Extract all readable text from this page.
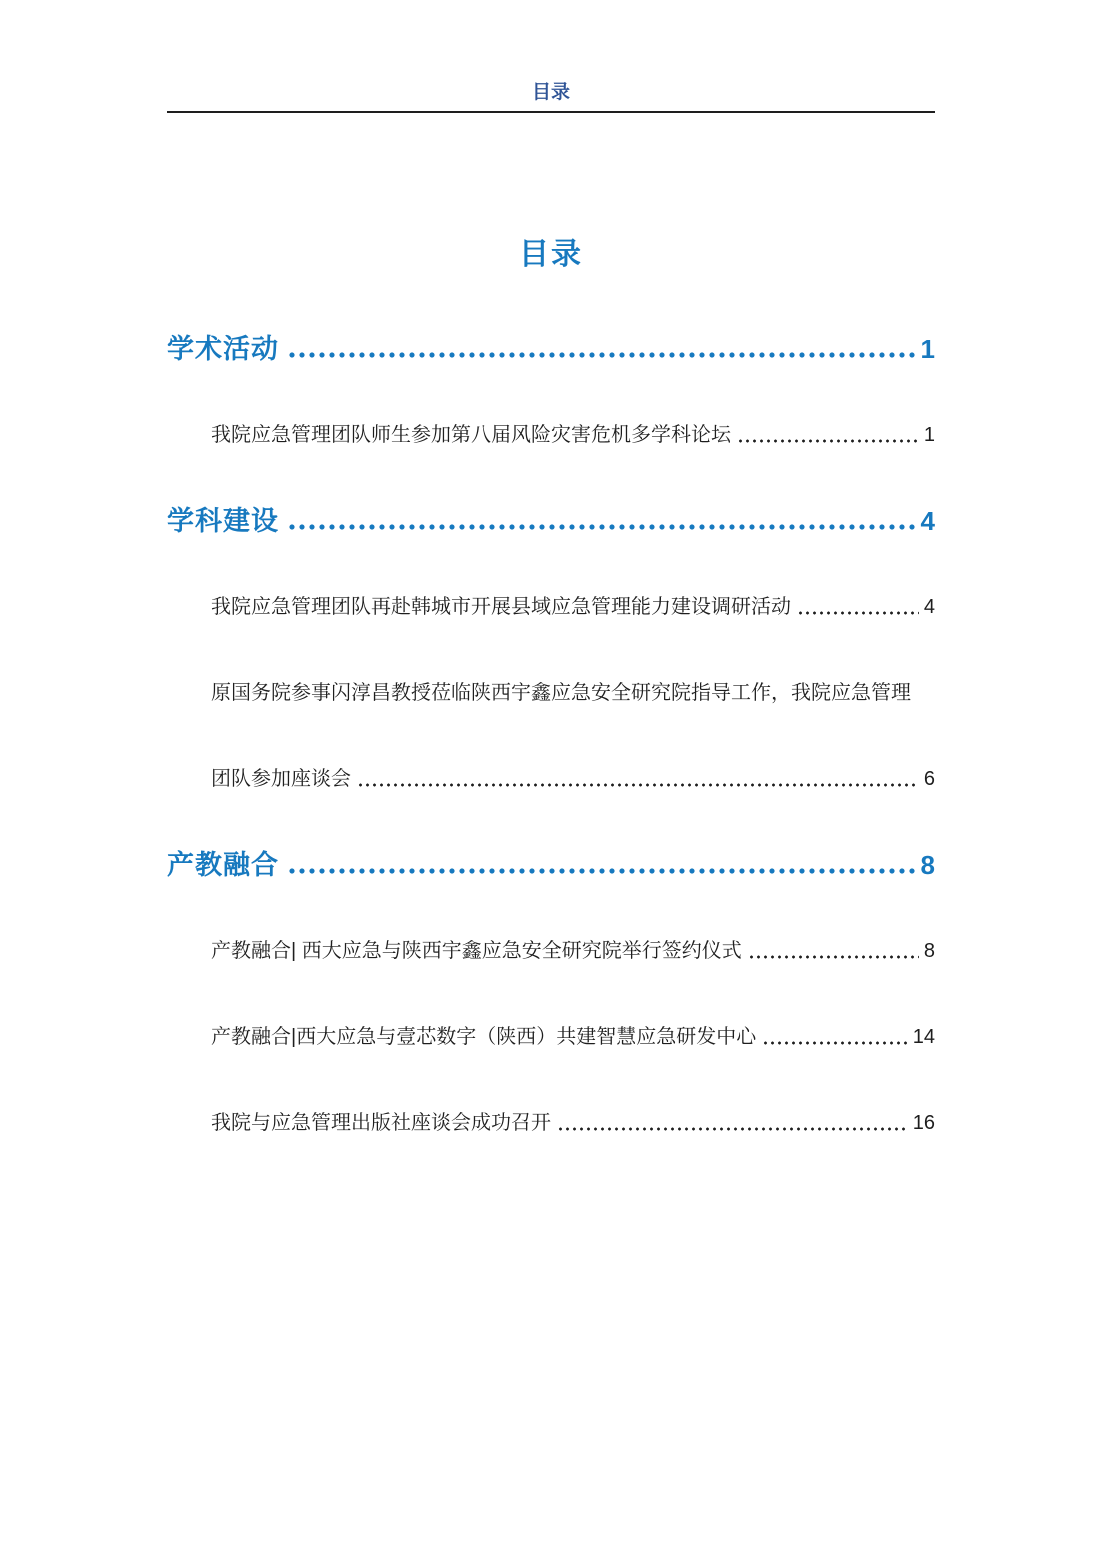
目录
目录
学术活动	1
我院应急管理团队师生参加第八届风险灾害危机多学科论坛	1
学科建设	4
我院应急管理团队再赴韩城市开展县域应急管理能力建设调研活动	4
原国务院参事闪淳昌教授莅临陕西宇鑫应急安全研究院指导工作，我院应急管理
团队参加座谈会	6
产教融合	8
产教融合| 西大应急与陕西宇鑫应急安全研究院举行签约仪式	8
产教融合|西大应急与壹芯数字（陕西）共建智慧应急研发中心	14
我院与应急管理出版社座谈会成功召开	16
